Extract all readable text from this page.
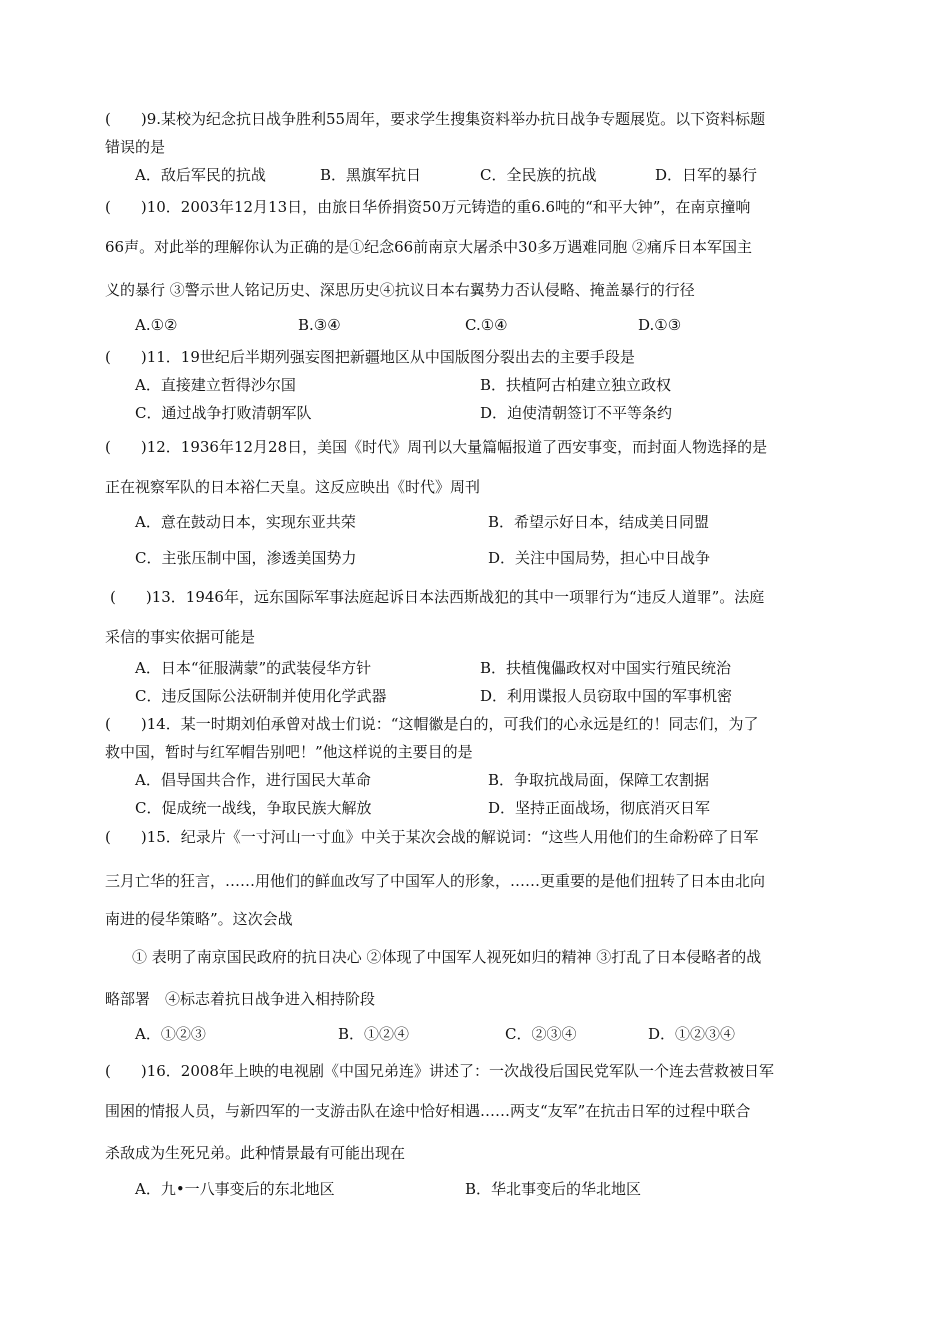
(　　)9.某校为纪念抗日战争胜利55周年，要求学生搜集资料举办抗日战争专题展览。以下资料标题
错误的是
A．敌后军民的抗战	B．黑旗军抗日	C．全民族的抗战	D．日军的暴行
(　　)10．2003年12月13日，由旅日华侨捐资50万元铸造的重6.6吨的“和平大钟”，在南京撞响
66声。对此举的理解你认为正确的是①纪念66前南京大屠杀中30多万遇难同胞 ②痛斥日本军国主
义的暴行 ③警示世人铭记历史、深思历史④抗议日本右翼势力否认侵略、掩盖暴行的行径
A.①②	B.③④	C.①④	D.①③
(　　)11．19世纪后半期列强妄图把新疆地区从中国版图分裂出去的主要手段是
A．直接建立哲得沙尔国	B．扶植阿古柏建立独立政权
C．通过战争打败清朝军队	D．迫使清朝签订不平等条约
(　　)12．1936年12月28日，美国《时代》周刊以大量篇幅报道了西安事变，而封面人物选择的是
正在视察军队的日本裕仁天皇。这反应映出《时代》周刊
A．意在鼓动日本，实现东亚共荣	B．希望示好日本，结成美日同盟
C．主张压制中国，渗透美国势力	D．关注中国局势，担心中日战争
(　　)13．1946年，远东国际军事法庭起诉日本法西斯战犯的其中一项罪行为“违反人道罪”。法庭
采信的事实依据可能是
A．日本“征服满蒙”的武装侵华方针	B．扶植傀儡政权对中国实行殖民统治
C．违反国际公法研制并使用化学武器	D．利用谍报人员窃取中国的军事机密
(　　)14．某一时期刘伯承曾对战士们说：“这帽徽是白的，可我们的心永远是红的！同志们，为了
救中国，暂时与红军帽告别吧！”他这样说的主要目的是
A．倡导国共合作，进行国民大革命	B．争取抗战局面，保障工农割据
C．促成统一战线，争取民族大解放	D．坚持正面战场，彻底消灭日军
(　　)15．纪录片《一寸河山一寸血》中关于某次会战的解说词：“这些人用他们的生命粉碎了日军
三月亡华的狂言，……用他们的鲜血改写了中国军人的形象，……更重要的是他们扭转了日本由北向
南进的侵华策略”。这次会战
① 表明了南京国民政府的抗日决心 ②体现了中国军人视死如归的精神 ③打乱了日本侵略者的战
略部署　④标志着抗日战争进入相持阶段
A．①②③	B．①②④	C．②③④	D．①②③④
(　　)16．2008年上映的电视剧《中国兄弟连》讲述了：一次战役后国民党军队一个连去营救被日军
围困的情报人员，与新四军的一支游击队在途中恰好相遇……两支“友军”在抗击日军的过程中联合
杀敌成为生死兄弟。此种情景最有可能出现在
A．九•一八事变后的东北地区	B．华北事变后的华北地区
